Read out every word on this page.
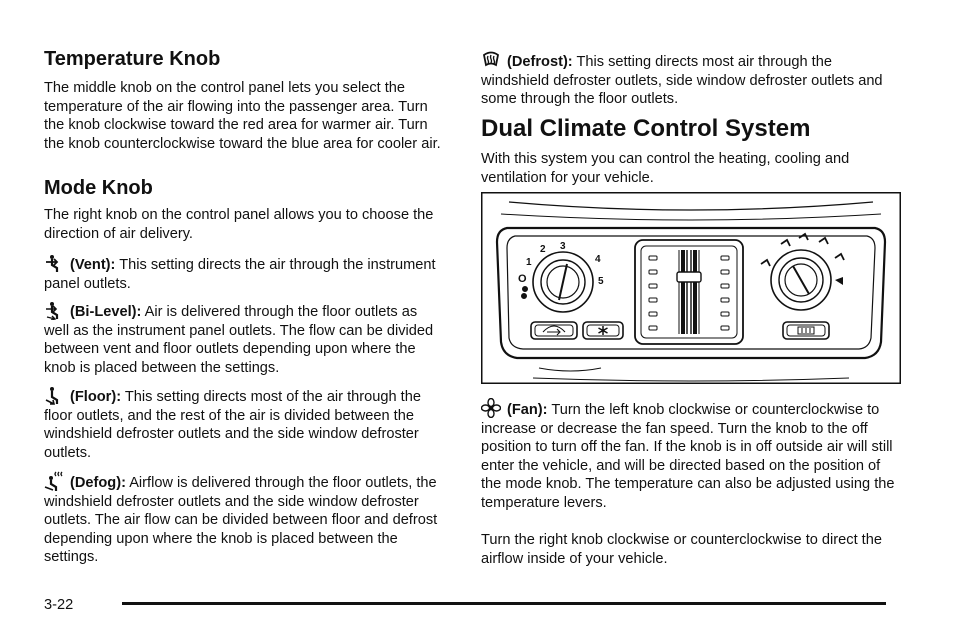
Temperature Knob

The middle knob on the control panel lets you select the temperature of the air flowing into the passenger area. Turn the knob clockwise toward the red area for warmer air. Turn the knob counterclockwise toward the blue area for cooler air.

Mode Knob

The right knob on the control panel allows you to choose the direction of air delivery.

(Vent): This setting directs the air through the instrument panel outlets.

(Bi-Level): Air is delivered through the floor outlets as well as the instrument panel outlets. The flow can be divided between vent and floor outlets depending upon where the knob is placed between the settings.

(Floor): This setting directs most of the air through the floor outlets, and the rest of the air is divided between the windshield defroster outlets and the side window defroster outlets.

(Defog): Airflow is delivered through the floor outlets, the windshield defroster outlets and the side window defroster outlets. The air flow can be divided between floor and defrost depending upon where the knob is placed between the settings.

(Defrost): This setting directs most air through the windshield defroster outlets, side window defroster outlets and some through the floor outlets.

Dual Climate Control System

With this system you can control the heating, cooling and ventilation for your vehicle.

1
2 3
4
5
O

(Fan): Turn the left knob clockwise or counterclockwise to increase or decrease the fan speed. Turn the knob to the off position to turn off the fan. If the knob is in off outside air will still enter the vehicle, and will be directed based on the position of the mode knob. The temperature can also be adjusted using the temperature levers.

Turn the right knob clockwise or counterclockwise to direct the airflow inside of your vehicle.

3-22
